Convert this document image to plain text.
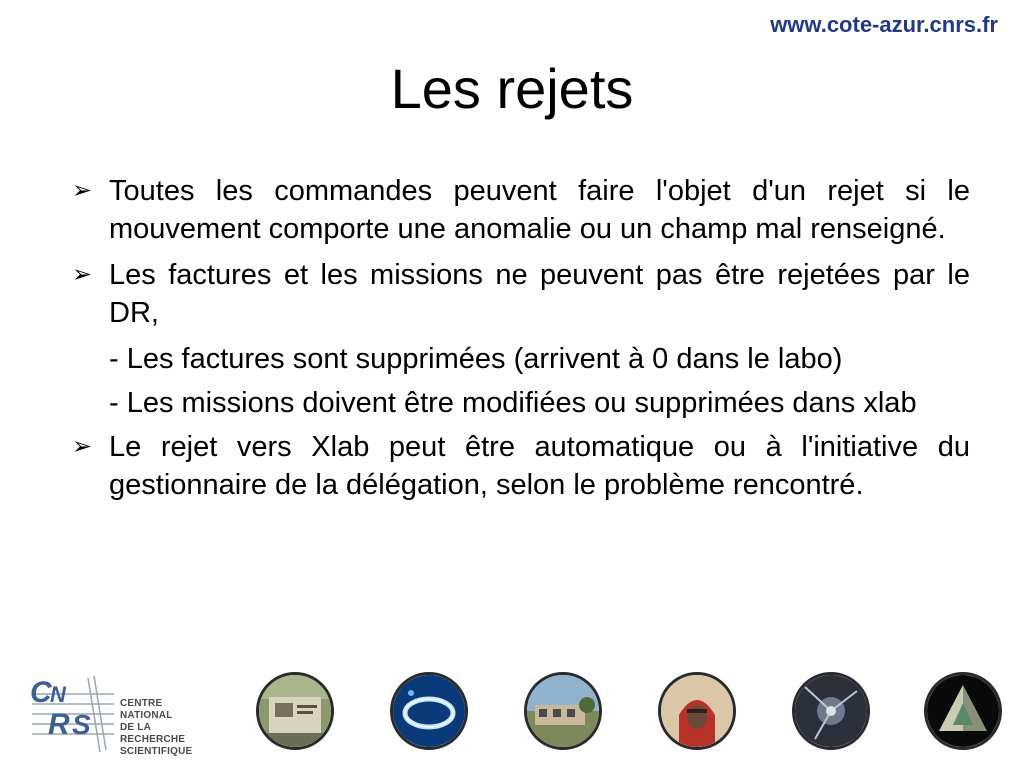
www.cote-azur.cnrs.fr
Les rejets
➢ Toutes les commandes peuvent faire l'objet d'un rejet si le mouvement comporte une anomalie ou un champ mal renseigné.
➢ Les factures et les missions ne peuvent pas être rejetées par le DR,

- Les factures sont supprimées (arrivent à 0 dans le labo)

- Les missions doivent être modifiées ou supprimées dans xlab

➢ Le rejet vers Xlab peut être automatique ou à l'initiative du gestionnaire de la délégation, selon le problème rencontré.
C
N
R S
CENTRE NATIONAL
DE LA RECHERCHE
SCIENTIFIQUE
